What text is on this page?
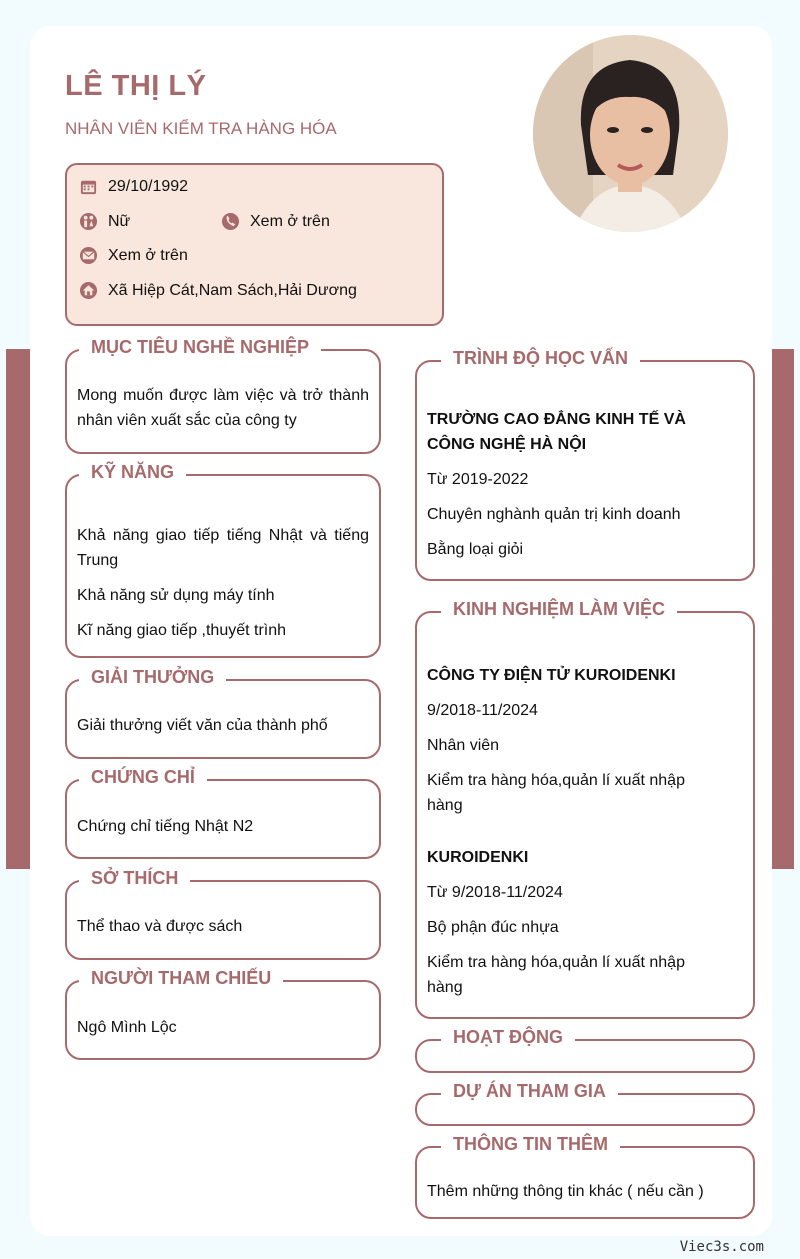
LÊ THỊ LÝ
NHÂN VIÊN KIỂM TRA HÀNG HÓA
29/10/1992
Nữ	Xem ở trên
Xem ở trên
Xã Hiệp Cát,Nam Sách,Hải Dương
MỤC TIÊU NGHỀ NGHIỆP
Mong muốn được làm việc và trở thành nhân viên xuất sắc của công ty
KỸ NĂNG
Khả năng giao tiếp tiếng Nhật và tiếng Trung
Khả năng sử dụng máy tính
Kĩ năng giao tiếp ,thuyết trình
GIẢI THƯỞNG
Giải thưởng viết văn của thành phố
CHỨNG CHỈ
Chứng chỉ tiếng Nhật N2
SỞ THÍCH
Thể thao và được sách
NGƯỜI THAM CHIẾU
Ngô Mình Lộc
TRÌNH ĐỘ HỌC VẤN
TRƯỜNG CAO ĐẲNG KINH TẾ VÀ CÔNG NGHỆ HÀ NỘI
Từ 2019-2022
Chuyên nghành quản trị kinh doanh
Bằng loại giỏi
KINH NGHIỆM LÀM VIỆC
CÔNG TY ĐIỆN TỬ KUROIDENKI
9/2018-11/2024
Nhân viên
Kiểm tra hàng hóa,quản lí xuất nhập hàng
KUROIDENKI
Từ 9/2018-11/2024
Bộ phận đúc nhựa
Kiểm tra hàng hóa,quản lí xuất nhập hàng
HOẠT ĐỘNG
DỰ ÁN THAM GIA
THÔNG TIN THÊM
Thêm những thông tin khác ( nếu cần )
Viec3s.com
